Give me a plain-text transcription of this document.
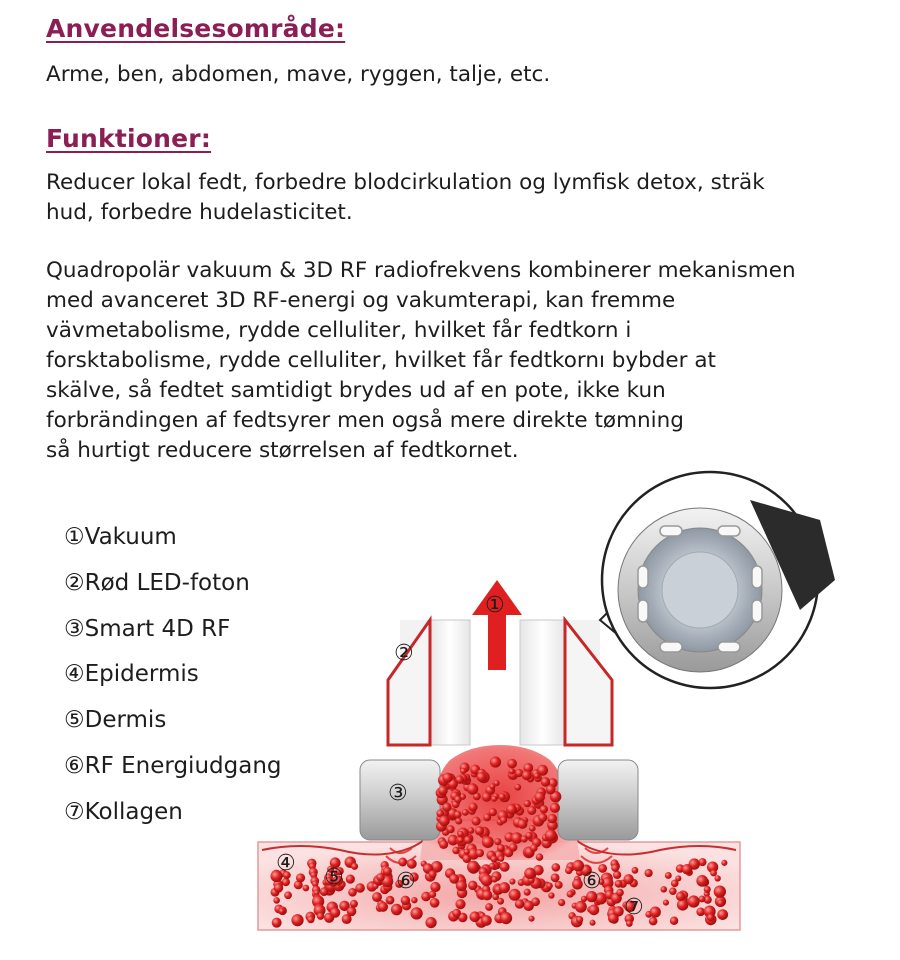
Anvendelsesområde:
Arme, ben, abdomen, mave, ryggen, talje, etc.
Funktioner:
Reducer lokal fedt, forbedre blodcirkulation og lymfisk detox, sträk
hud, forbedre hudelasticitet.
Quadropolär vakuum & 3D RF radiofrekvens kombinerer mekanismen
med avanceret 3D RF-energi og vakumterapi, kan fremme
vävmetabolisme, rydde celluliter, hvilket får fedtkorn i
forsktabolisme, rydde celluliter, hvilket får fedtkornı bybder at
skälve, så fedtet samtidigt brydes ud af en pote, ikke kun
forbrändingen af fedtsyrer men også mere direkte tømning
så hurtigt reducere størrelsen af fedtkornet.
①Vakuum
②Rød LED-foton
③Smart 4D RF
④Epidermis
⑤Dermis
⑥RF Energiudgang
⑦Kollagen
①
②
③
④
⑤ ⑥	⑥
⑦
